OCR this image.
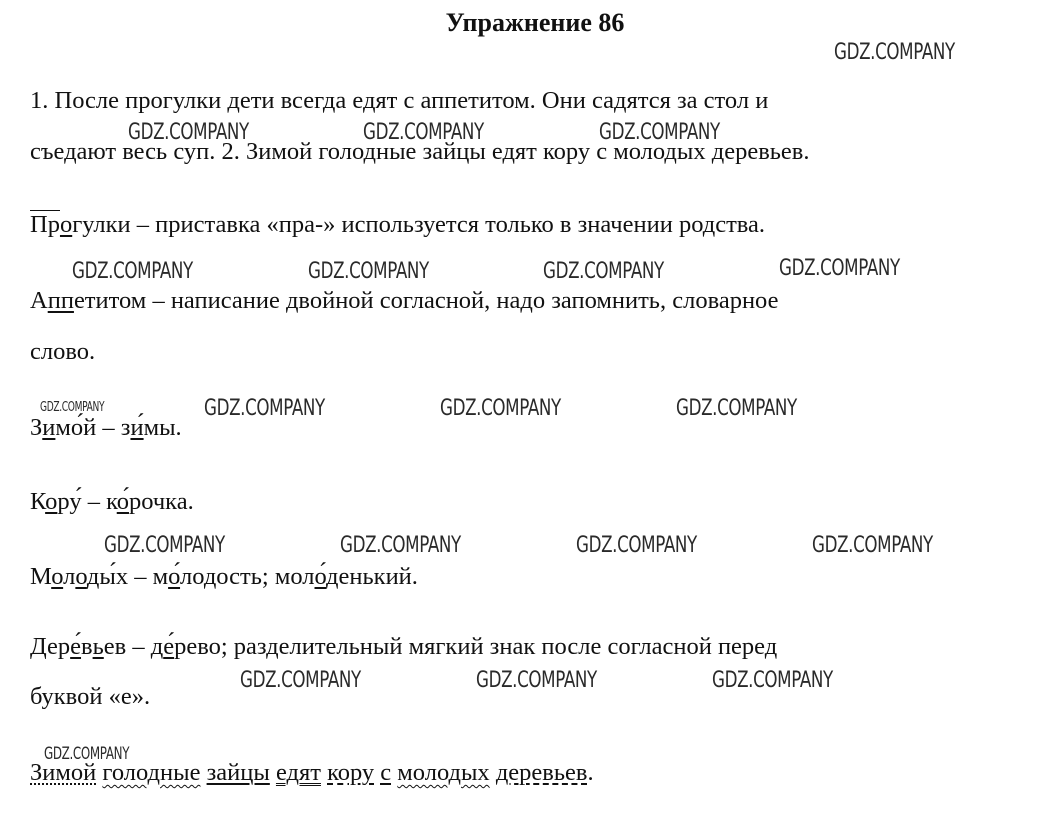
Упражнение 86
1. После прогулки дети всегда едят с аппетитом. Они садятся за стол и
съедают весь суп. 2. Зимой голодные зайцы едят кору с молодых деревьев.
Прогулки – приставка «пра-» используется только в значении родства.
Аппетитом – написание двойной согласной, надо запомнить, словарное
слово.
Зимо ́й – зи ́мы.
Кору ́ – ко ́рочка.
Молоды ́х – мо ́лодость; моло ́денький.
Дере ́вьев – де ́рево; разделительный мягкий знак после согласной перед
буквой «е».
Зимой голодные зайцы едят кору с молодых деревьев.
GDZ.COMPANY
GDZ.COMPANY	GDZ.COMPANY	GDZ.COMPANY
GDZ.COMPANY	GDZ.COMPANY	GDZ.COMPANY	GDZ.COMPANY
GDZ.COMPANY	GDZ.COMPANY	GDZ.COMPANY	GDZ.COMPANY
GDZ.COMPANY	GDZ.COMPANY	GDZ.COMPANY	GDZ.COMPANY
GDZ.COMPANY	GDZ.COMPANY	GDZ.COMPANY
GDZ.COMPANY
